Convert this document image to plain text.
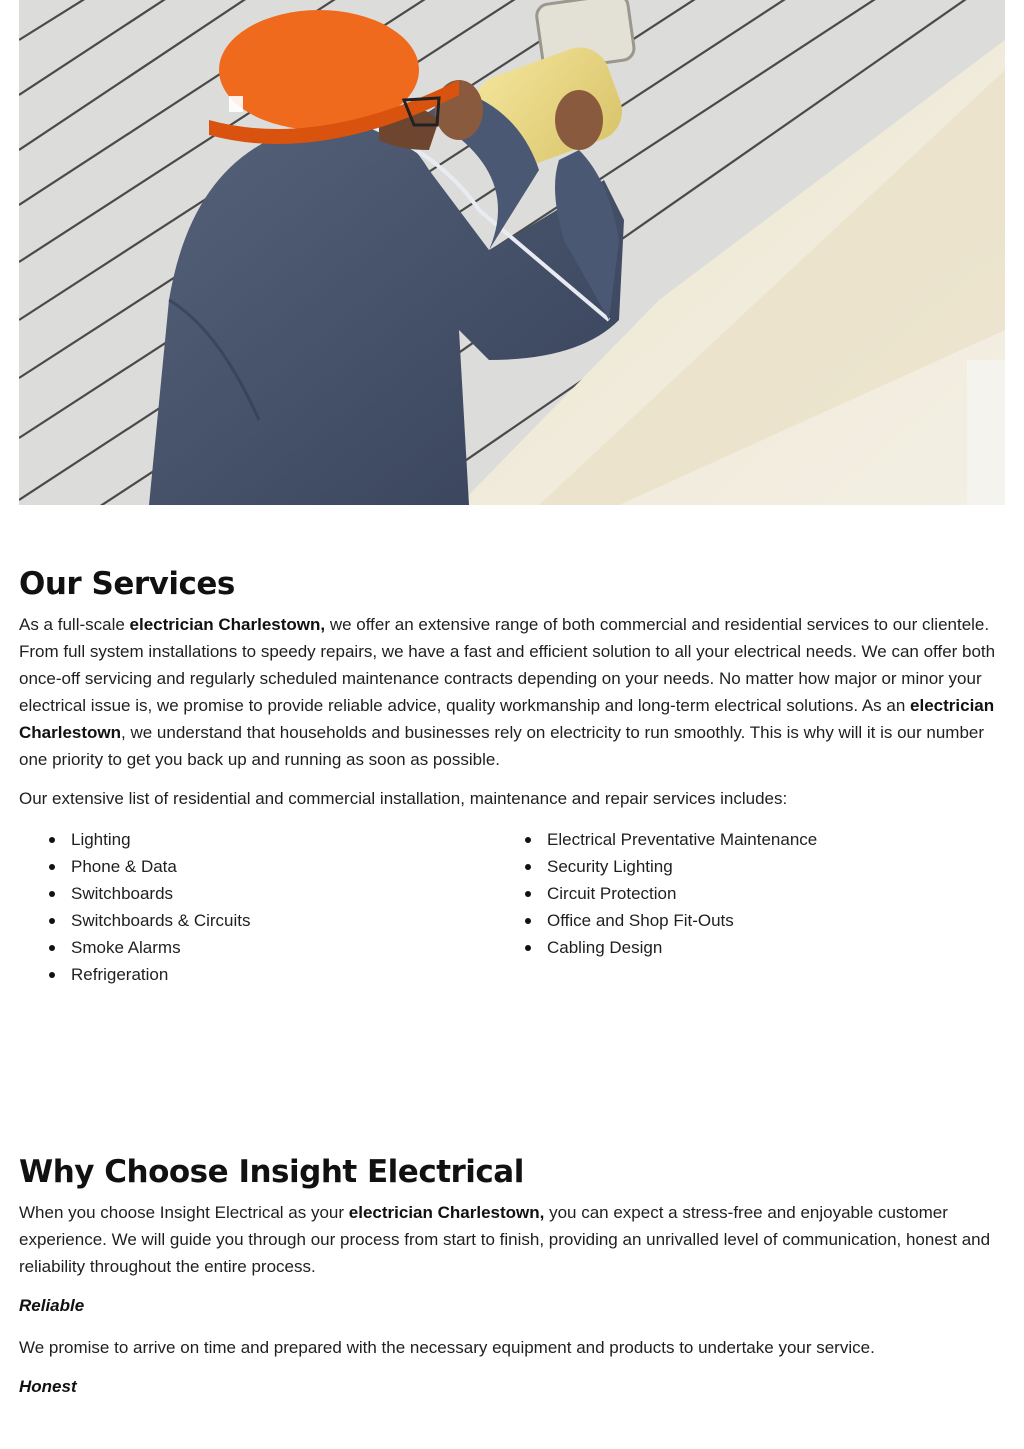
Our Services

As a full-scale electrician Charlestown, we offer an extensive range of both commercial and residential services to our clientele. From full system installations to speedy repairs, we have a fast and efficient solution to all your electrical needs. We can offer both once-off servicing and regularly scheduled maintenance contracts depending on your needs. No matter how major or minor your electrical issue is, we promise to provide reliable advice, quality workmanship and long-term electrical solutions. As an electrician Charlestown, we understand that households and businesses rely on electricity to run smoothly. This is why will it is our number one priority to get you back up and running as soon as possible.

Our extensive list of residential and commercial installation, maintenance and repair services includes:

Lighting
Phone & Data
Switchboards
Switchboards & Circuits
Smoke Alarms
Refrigeration
Electrical Preventative Maintenance
Security Lighting
Circuit Protection
Office and Shop Fit-Outs
Cabling Design
Why Choose Insight Electrical

When you choose Insight Electrical as your electrician Charlestown, you can expect a stress-free and enjoyable customer experience. We will guide you through our process from start to finish, providing an unrivalled level of communication, honest and reliability throughout the entire process.

Reliable

We promise to arrive on time and prepared with the necessary equipment and products to undertake your service.

Honest
